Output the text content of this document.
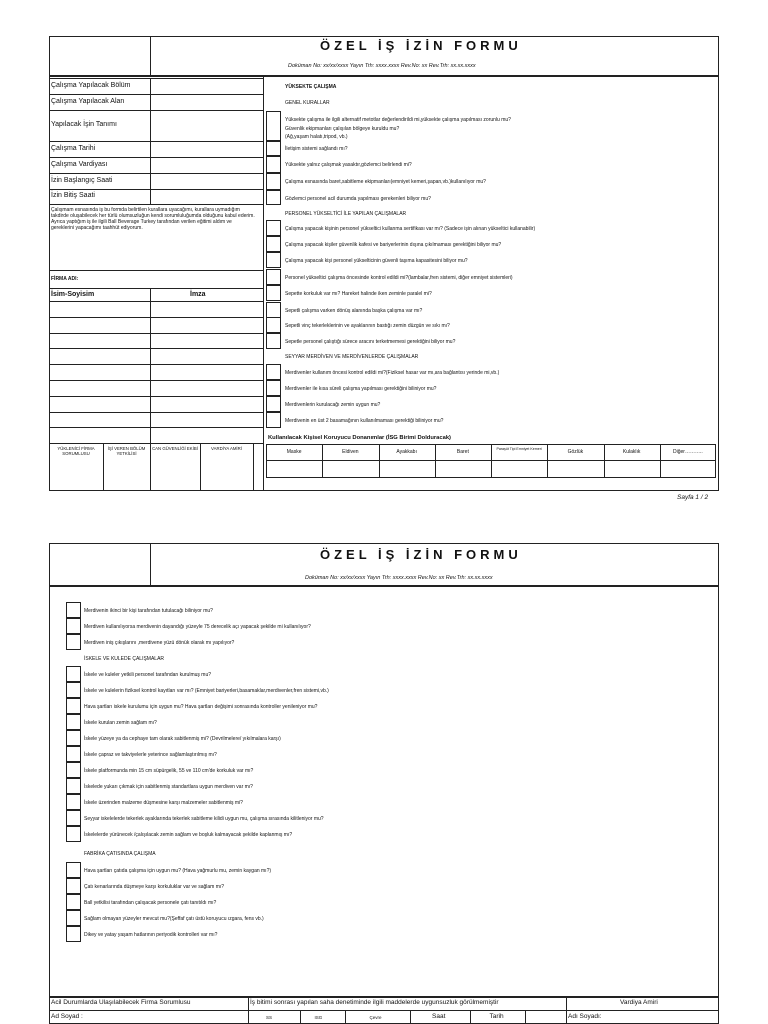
ÖZEL İŞ İZİN FORMU
Doküman No: xx/xx/xxxx Yayın Trh: xxxx.xxxx Rev.No: xx Rev.Trh: xx.xx.xxxx
Çalışma Yapılacak Bölüm
Çalışma Yapılacak Alan
Yapılacak İşin Tanımı
Çalışma Tarihi
Çalışma Vardiyası
İzin Başlangıç Saati
İzin Bitiş Saati
Çalışmam esnasında iş bu formda belirtilen kurallara uyacağımı, kurallara uymadığım takdirde oluşabilecek her türlü olumsuzluğun kendi sorumluluğumda olduğunu kabul ederim. Ayrıca yaptığım iş ile ilgili Ball Beverage Turkey tarafından verilen eğitimi aldım ve gereklerini yapacağımı taahhüt ediyorum.
FİRMA ADI:
İsim-Soyisim	İmza
YÜKLENİCİ FİRMA SORUMLUSU
İŞİ VEREN BÖLÜM YETKİLİSİ
CAN GÜVENLİĞİ EKİBİ	VARDİYA AMİRİ
YÜKSEKTE ÇALIŞMA
GENEL KURALLAR
Yüksekte çalışma ile ilgili alternatif metotlar değerlendirildi mi,yüksekte çalışma yapılması zorunlu mu?
Güvenlik ekipmanları çalışılan bölgeye kuruldu mu?
(Ağ,yaşam halatı,tripod, vb.)
İletişim sistemi sağlandı mı?
Yüksekte yalnız çalışmak yasaktır,gözlemci belirlendi mi?
Çalışma esnasında baret,sabitleme ekipmanları(emniyet kemeri,şapan,vb.)kullanılıyor mu?
Gözlemci personel acil durumda yapılması gerekenleri biliyor mu?
PERSONEL YÜKSELTİCİ İLE YAPILAN ÇALIŞMALAR
Çalışma yapacak kişinin personel yükseltici kullanma sertifikası var mı? (Sadece işin alınan yükseltici kullanabilir)
Çalışma yapacak kişiler güvenlik kafesi ve bariyerlerinin dışına çıkılmaması gerektiğini biliyor mu?
Çalışma yapacak kişi personel yükselticinin güvenli taşıma kapasitesini biliyor mu?
Personel yükseltici çalışma öncesinde kontrol edildi mi?(lambalar,fren sistemi, diğer emniyet sistemleri)
Sepette korkuluk var mı? Hareket halinde iken zeminle paralel mi?
Sepetli çalışma varken dönüş alanında başka çalışma var mı?
Sepetli vinç tekerleklerinin ve ayaklarının bastığı zemin düzgün ve sıkı mı?
Sepetle personel çalıştığı sürece aracını terketmemesi gerektiğini biliyor mu?
SEYYAR MERDİVEN VE MERDİVENLERDE ÇALIŞMALAR
Merdivenler kullanım öncesi kontrol edildi mi?(Fiziksel hasar var mı,ara bağlantısı yerinde mi,vb.)
Merdivenler ile kısa süreli çalışma yapılması gerektiğini biliniyor mu?
Merdivenlerin kurulacağı zemin uygun mu?
Merdivenin en üst 2 basamağının kullanılmaması gerektiği biliniyor mu?
Kullanılacak Kişisel Koruyucu Donanımlar (İSG Birimi Dolduracak)
Maske	Eldiven	Ayakkabı	Baret	Paraşüt Tipi Emniyet Kemeri	Gözlük	Kulaklık	Diğer………..
Sayfa 1 / 2
ÖZEL İŞ İZİN FORMU
Doküman No: xx/xx/xxxx Yayın Trh: xxxx.xxxx Rev.No: xx Rev.Trh: xx.xx.xxxx
Merdivenin ikinci bir kişi tarafından tutulacağı biliniyor mu?
Merdiven kullanılıyorsa merdivenin dayandığı yüzeyle 75 derecelik açı yapacak şekilde mi kullanılıyor?
Merdiven iniş çıkışlarını ,merdivene yüzü dönük olarak mı yapılıyor?
İSKELE VE KULEDE ÇALIŞMALAR
İskele ve kuleler yetkili personel tarafından kurulmuş mu?
İskele ve kulelerin fiziksel kontrol kayıtları var mı? (Emniyet bariyerleri,basamaklar,merdivenler,fren sistemi,vb.)
Hava şartları iskele kurulumu için uygun mu? Hava şartları değişimi sonrasında kontroller yenileniyor mu?
İskele kurulan zemin sağlam mı?
İskele yüzeye ya da cephaye tam olarak sabitlenmiş mi? (Devrilmelere/ yıkılmalara karşı)
İskele çapraz ve takviyelerle yeterince sağlamlaştırılmış mı?
İskele platformunda min 15 cm süpürgelik, 55 ve 110 cm'de korkuluk var mı?
İskelede yukarı çıkmak için sabitlenmiş standartlara uygun merdiven var mı?
İskele üzerinden malzeme düşmesine karşı malzemeler sabitlenmiş mi?
Seyyar iskelelerde tekerlek ayaklarında tekerlek sabitleme kilidi uygun mu, çalışma sırasında kilitleniyor mu?
İskelelerde yürünecek /çalışılacak zemin sağlam ve boşluk kalmayacak şekilde kaplanmış mı?
FABRİKA ÇATISINDA ÇALIŞMA
Hava şartları çatıda çalışma için uygun mu? (Hava yağmurlu mu, zemin kaygan mı?)
Çatı kenarlarında düşmeye karşı korkuluklar var ve sağlam mı?
Ball yetkilisi tarafından çalışacak personele çatı tanıtıldı mı?
Sağlam olmayan yüzeyler mevcut mu?(Şeffaf çatı üstü koruyucu ızgara, fens vb.)
Dikey ve yatay yaşam hatlarının periyodik kontrolleri var mı?
Acil Durumlarda Ulaşılabilecek Firma Sorumlusu	İş bitimi sonrası yapılan saha denetiminde ilgili maddelerde uygunsuzluk görülmemiştir	Vardiya Amiri
Ad Soyad :	SS	ISG	Çevre	Saat	Tarih	Adı Soyadı:
